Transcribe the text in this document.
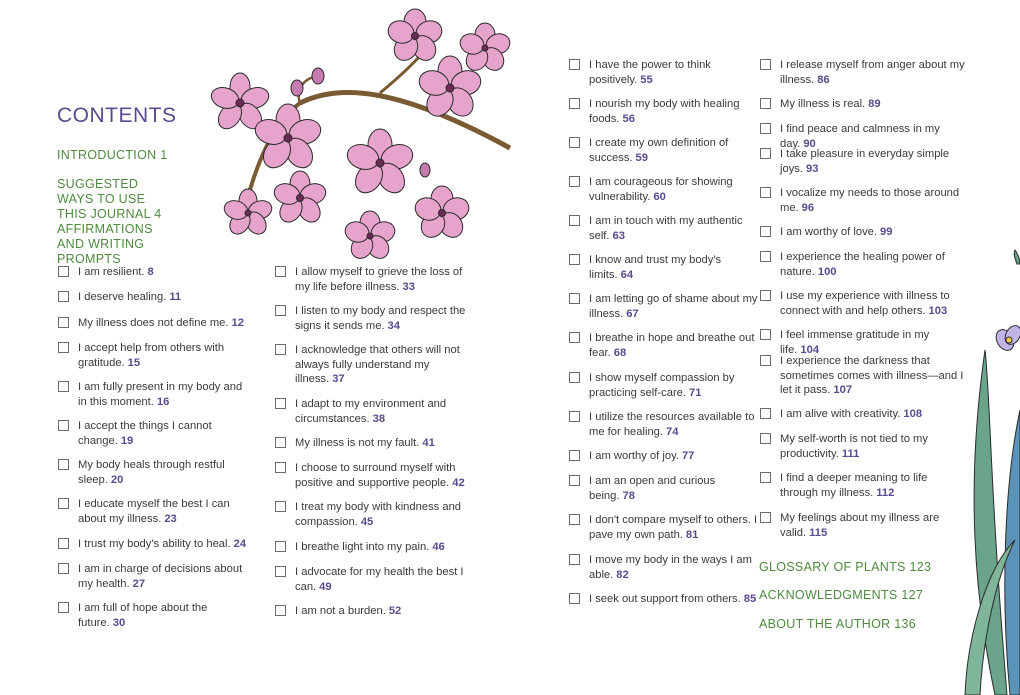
CONTENTS
INTRODUCTION 1
SUGGESTED WAYS TO USE THIS JOURNAL 4
AFFIRMATIONS AND WRITING PROMPTS
I am resilient. 8
I deserve healing. 11
My illness does not define me. 12
I accept help from others with gratitude. 15
I am fully present in my body and in this moment. 16
I accept the things I cannot change. 19
My body heals through restful sleep. 20
I educate myself the best I can about my illness. 23
I trust my body's ability to heal. 24
I am in charge of decisions about my health. 27
I am full of hope about the future. 30
I allow myself to grieve the loss of my life before illness. 33
I listen to my body and respect the signs it sends me. 34
I acknowledge that others will not always fully understand my illness. 37
I adapt to my environment and circumstances. 38
My illness is not my fault. 41
I choose to surround myself with positive and supportive people. 42
I treat my body with kindness and compassion. 45
I breathe light into my pain. 46
I advocate for my health the best I can. 49
I am not a burden. 52
I have the power to think positively. 55
I nourish my body with healing foods. 56
I create my own definition of success. 59
I am courageous for showing vulnerability. 60
I am in touch with my authentic self. 63
I know and trust my body's limits. 64
I am letting go of shame about my illness. 67
I breathe in hope and breathe out fear. 68
I show myself compassion by practicing self-care. 71
I utilize the resources available to me for healing. 74
I am worthy of joy. 77
I am an open and curious being. 78
I don't compare myself to others. I pave my own path. 81
I move my body in the ways I am able. 82
I seek out support from others. 85
I release myself from anger about my illness. 86
My illness is real. 89
I find peace and calmness in my day. 90
I take pleasure in everyday simple joys. 93
I vocalize my needs to those around me. 96
I am worthy of love. 99
I experience the healing power of nature. 100
I use my experience with illness to connect with and help others. 103
I feel immense gratitude in my life. 104
I experience the darkness that sometimes comes with illness—and I let it pass. 107
I am alive with creativity. 108
My self-worth is not tied to my productivity. 111
I find a deeper meaning to life through my illness. 112
My feelings about my illness are valid. 115
GLOSSARY OF PLANTS 123
ACKNOWLEDGMENTS 127
ABOUT THE AUTHOR 136
